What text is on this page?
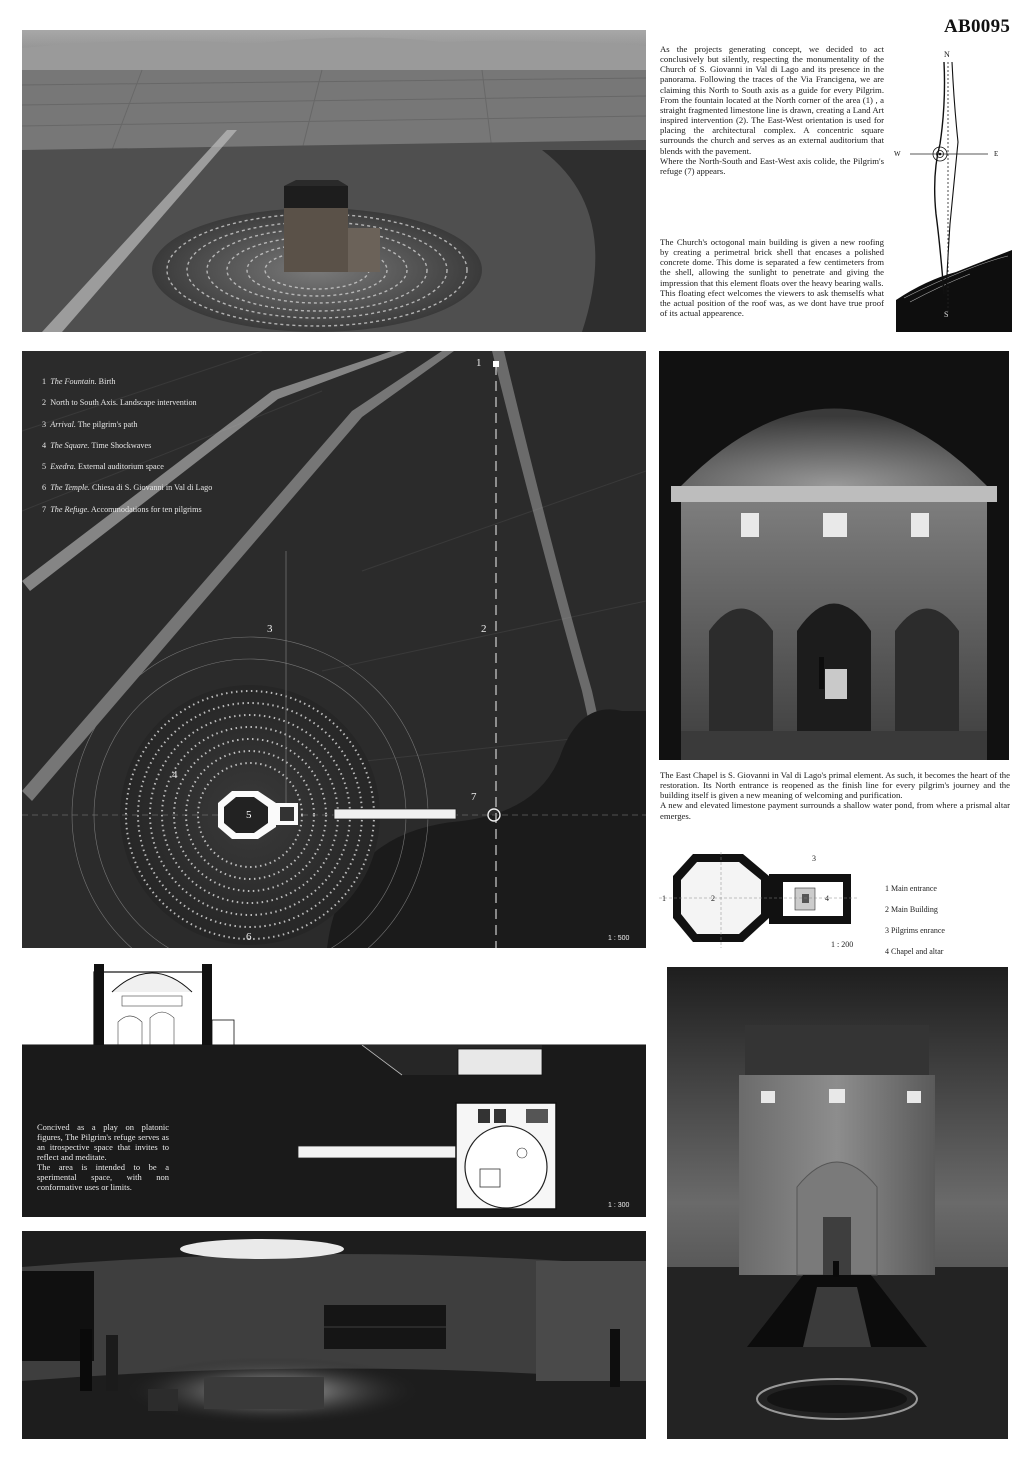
AB0095

As the projects generating concept, we decided to act conclusively but silently, respecting the monumentality of the Church of S. Giovanni in Val di Lago and its presence in the panorama. Following the traces of the Via Francigena, we are claiming this North to South axis as a guide for every Pilgrim. From the fountain located at the North corner of the area (1) , a straight fragmented limestone line is drawn, creating a Land Art inspired intervention (2). The East-West orientation is used for placing the architectural complex. A concentric square surrounds the church and serves as an external auditorium that blends with the pavement.

Where the North-South and East-West axis colide, the Pilgrim's refuge (7) appears.

The Church's octogonal main building is given a new roofing by creating a perimetral brick shell that encases a polished concrete dome. This dome is separated a few centimeters from the shell, allowing the sunlight to penetrate and giving the impression that this element floats over the heavy bearing walls.

This floating efect welcomes the viewers to ask themselfs what the actual position of the roof was, as we dont have true proof of its actual appearence.

N
W	E
S
1 The Fountain. Birth
2 North to South Axis. Landscape intervention
3 Arrival. The pilgrim's path
4 The Square. Time Shockwaves
5 Exedra. External auditorium space
6 The Temple. Chiesa di S. Giovanni in Val di Lago
7 The Refuge. Accommodations for ten pilgrims
1
2
3
4
5
6
7
1 : 500

The East Chapel is S. Giovanni in Val di Lago's primal element. As such, it becomes the heart of the restoration. Its North entrance is reopened as the finish line for every pilgrim's journey and the building itself is given a new meaning of welcoming and purification.

A new and elevated limestone payment surrounds a shallow water pond, from where a prismal altar emerges.

1	2
3
4
1 : 200
1 Main entrance
2 Main Building
3 Pilgrims enrance
4 Chapel and altar
1 : 300
Concived as a play on platonic figures, The Pilgrim's refuge serves as an itrospective space that invites to reflect and meditate.
The area is intended to be a sperimental space, with non conformative uses or limits.
